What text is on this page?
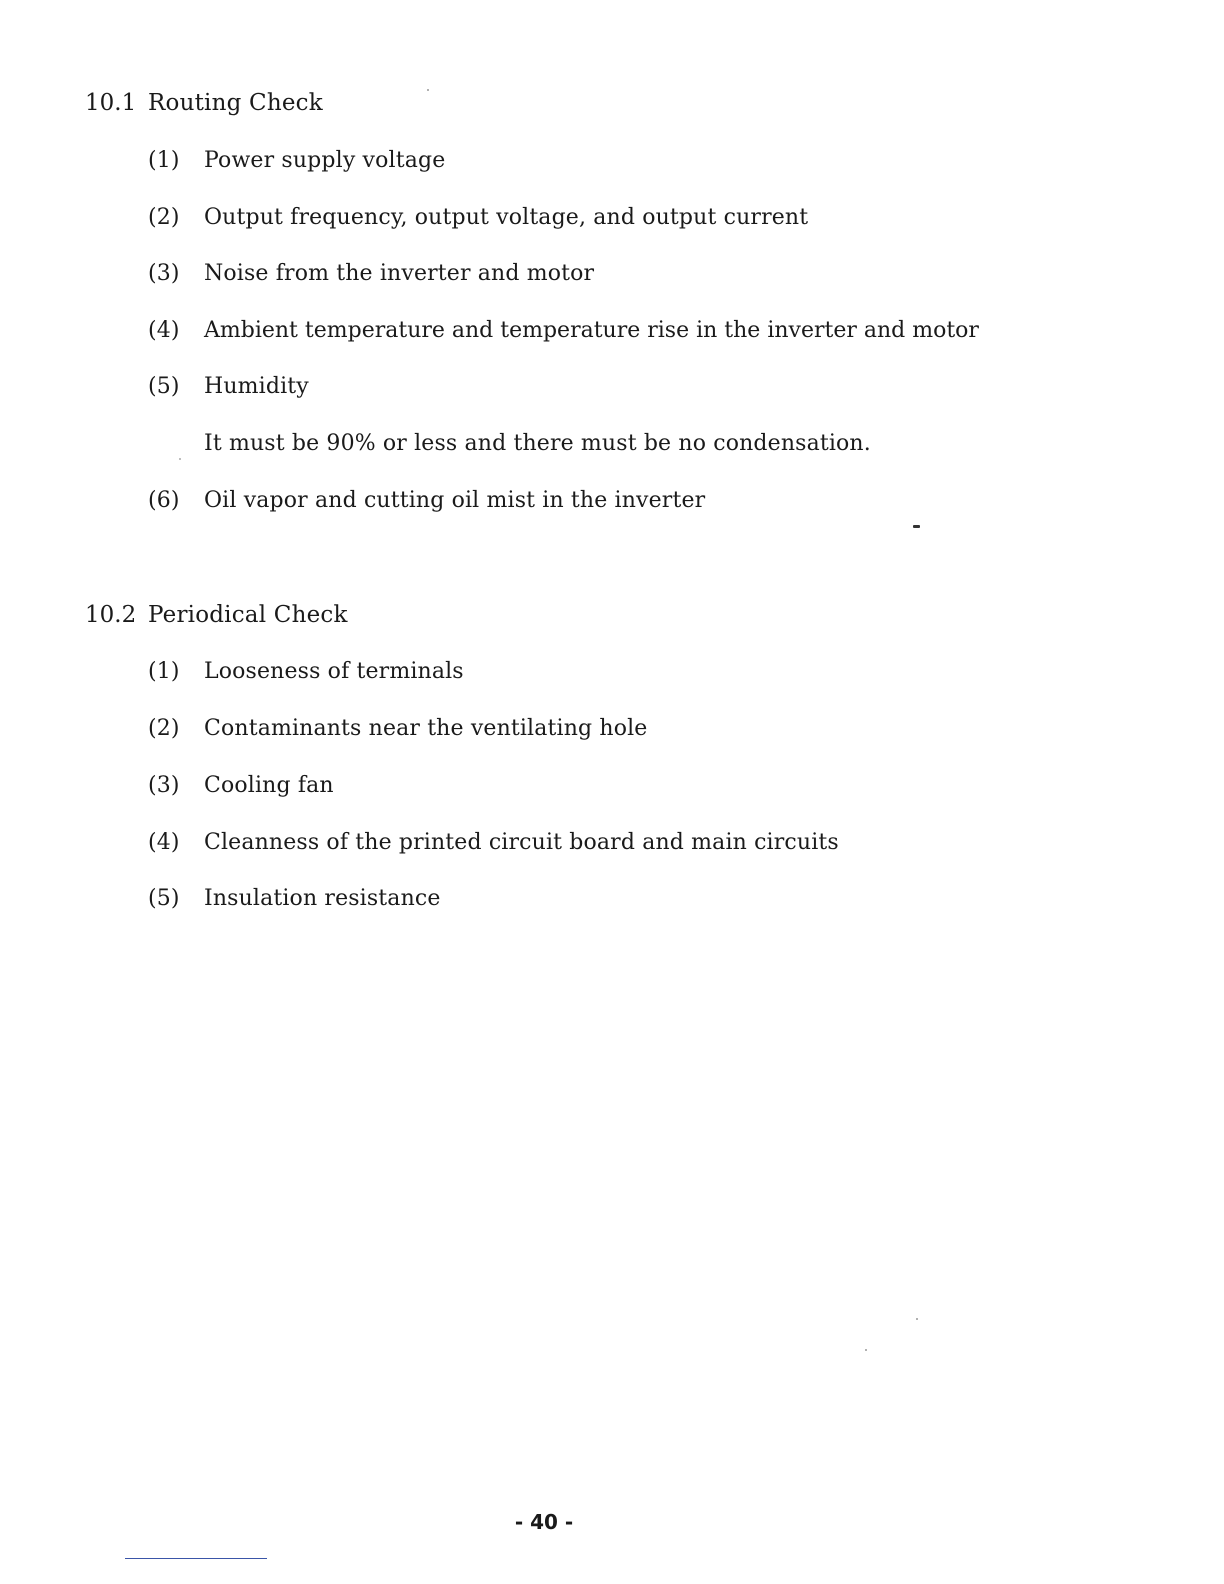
10.1 Routing Check
(1)	Power supply voltage
(2)	Output frequency, output voltage, and output current
(3)	Noise from the inverter and motor
(4)	Ambient temperature and temperature rise in the inverter and motor
(5)	Humidity
It must be 90% or less and there must be no condensation.
(6)	Oil vapor and cutting oil mist in the inverter
10.2 Periodical Check
(1)	Looseness of terminals
(2)	Contaminants near the ventilating hole
(3)	Cooling fan
(4)	Cleanness of the printed circuit board and main circuits
(5)	Insulation resistance
- 40 -
